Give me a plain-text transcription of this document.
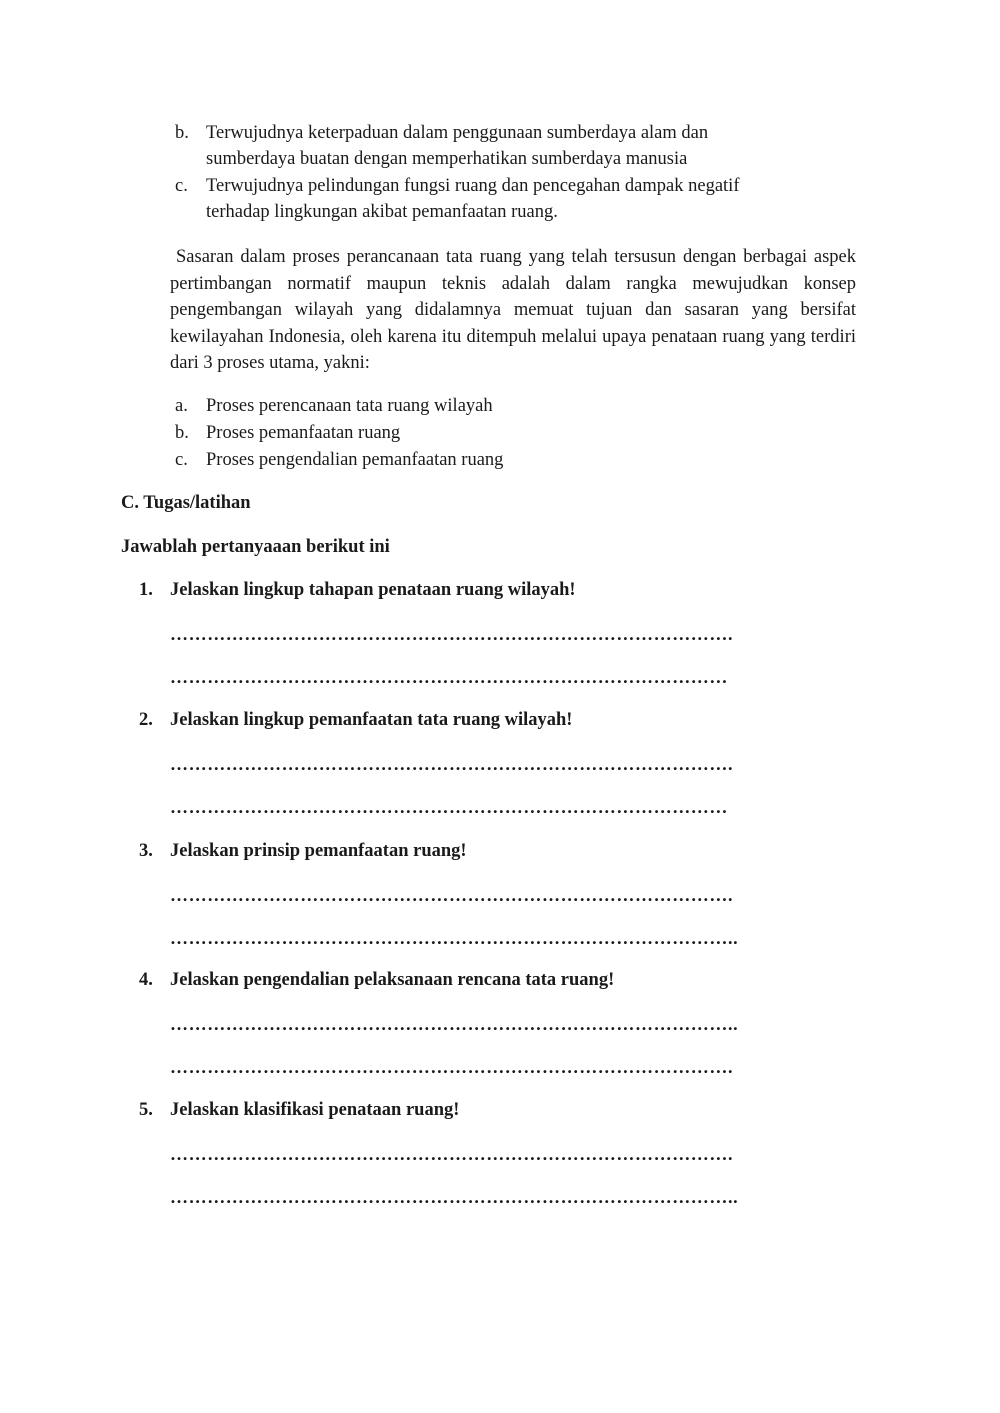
b. Terwujudnya keterpaduan dalam penggunaan sumberdaya alam dan
sumberdaya buatan dengan memperhatikan sumberdaya manusia
c. Terwujudnya pelindungan fungsi ruang dan pencegahan dampak negatif
terhadap lingkungan akibat pemanfaatan ruang.

Sasaran dalam proses perancanaan tata ruang yang telah tersusun dengan berbagai aspek pertimbangan normatif maupun teknis adalah dalam rangka mewujudkan konsep pengembangan wilayah yang didalamnya memuat tujuan dan sasaran yang bersifat kewilayahan Indonesia, oleh karena itu ditempuh melalui upaya penataan ruang yang terdiri dari 3 proses utama, yakni:

a. Proses perencanaan tata ruang wilayah
b. Proses pemanfaatan ruang
c. Proses pengendalian pemanfaatan ruang
C. Tugas/latihan
Jawablah pertanyaaan berikut ini
1. Jelaskan lingkup tahapan penataan ruang wilayah!
……………………………………………………………………………….
………………………………………………………………………………
2. Jelaskan lingkup pemanfaatan tata ruang wilayah!
……………………………………………………………………………….
………………………………………………………………………………
3. Jelaskan prinsip pemanfaatan ruang!
……………………………………………………………………………….
………………………………………………………………………………..
4. Jelaskan pengendalian pelaksanaan rencana tata ruang!
………………………………………………………………………………..
……………………………………………………………………………….
5. Jelaskan klasifikasi penataan ruang!
……………………………………………………………………………….
………………………………………………………………………………..
